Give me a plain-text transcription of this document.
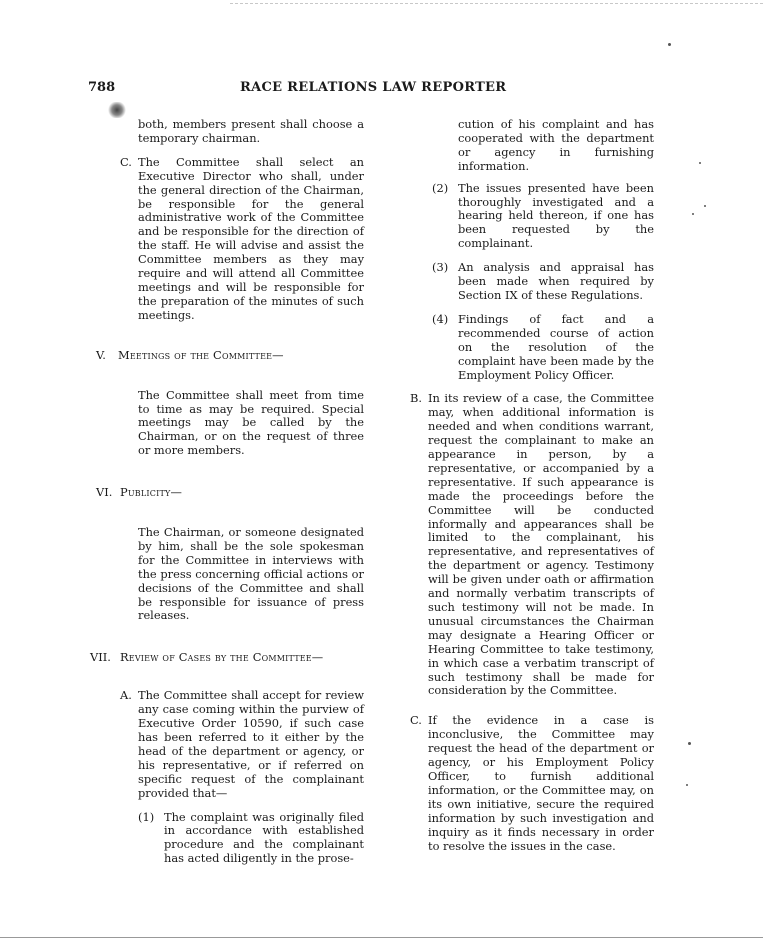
788	RACE RELATIONS LAW REPORTER

both, members present shall choose a temporary chairman.

C. The Committee shall select an Executive Director who shall, under the general direction of the Chairman, be responsible for the general administrative work of the Committee and be responsible for the direction of the staff. He will advise and assist the Committee members as they may require and will attend all Committee meetings and will be responsible for the preparation of the minutes of such meetings.
V.	Meetings of the Committee—

The Committee shall meet from time to time as may be required. Special meetings may be called by the Chairman, or on the request of three or more members.

VI. Publicity—

The Chairman, or someone designated by him, shall be the sole spokesman for the Committee in interviews with the press concerning official actions or decisions of the Committee and shall be responsible for issuance of press releases.

VII. Review of Cases by the Committee—
A. The Committee shall accept for review any case coming within the purview of Executive Order 10590, if such case has been referred to it either by the head of the department or agency, or his representative, or if referred on specific request of the complainant provided that—
(1) The complaint was originally filed in accordance with established procedure and the complainant has acted diligently in the prose-

cution of his complaint and has cooperated with the department or agency in furnishing information.

(2) The issues presented have been thoroughly investigated and a hearing held thereon, if one has been requested by the complainant.
(3) An analysis and appraisal has been made when required by Section IX of these Regulations.
(4) Findings of fact and a recommended course of action on the resolution of the complaint have been made by the Employment Policy Officer.
B. In its review of a case, the Committee may, when additional information is needed and when conditions warrant, request the complainant to make an appearance in person, by a representative, or accompanied by a representative. If such appearance is made the proceedings before the Committee will be conducted informally and appearances shall be limited to the complainant, his representative, and representatives of the department or agency. Testimony will be given under oath or affirmation and normally verbatim transcripts of such testimony will not be made. In unusual circumstances the Chairman may designate a Hearing Officer or Hearing Committee to take testimony, in which case a verbatim transcript of such testimony shall be made for consideration by the Committee.
C. If the evidence in a case is inconclusive, the Committee may request the head of the department or agency, or his Employment Policy Officer, to furnish additional information, or the Committee may, on its own initiative, secure the required information by such investigation and inquiry as it finds necessary in order to resolve the issues in the case.
